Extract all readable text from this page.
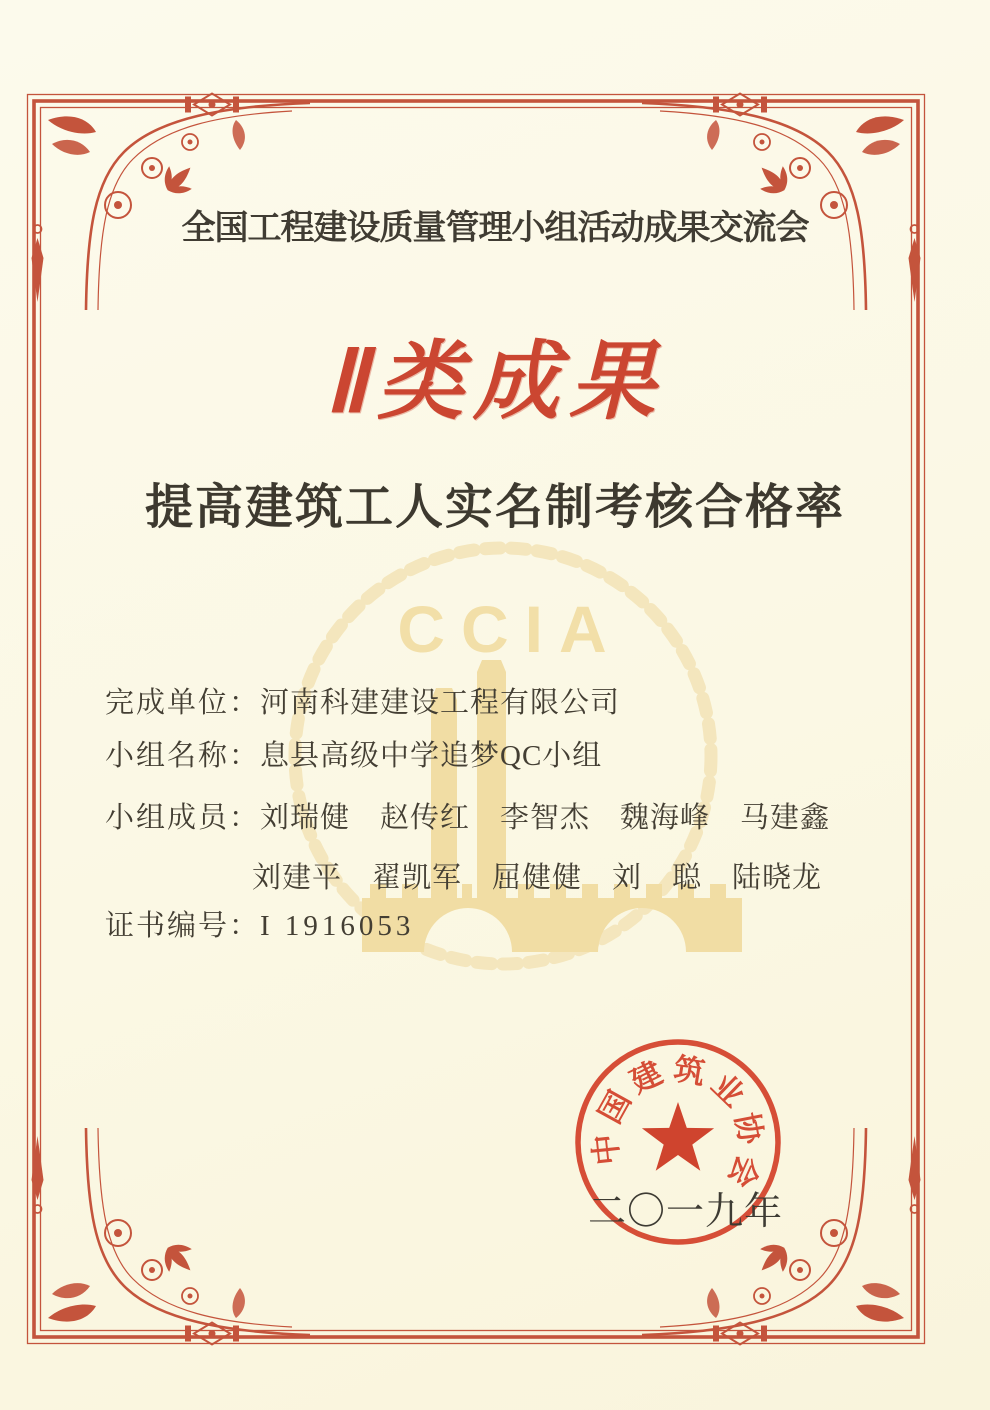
CCIA
中
国
建 筑
业
协
会
全国工程建设质量管理小组活动成果交流会
Ⅱ类成果
提高建筑工人实名制考核合格率
完成单位：河南科建建设工程有限公司
小组名称：息县高级中学追梦QC小组
小组成员：刘瑞健　赵传红　李智杰　魏海峰　马建鑫
刘建平　翟凯军　屈健健　刘　聪　陆晓龙
证书编号：I 1916053
二〇一九年
